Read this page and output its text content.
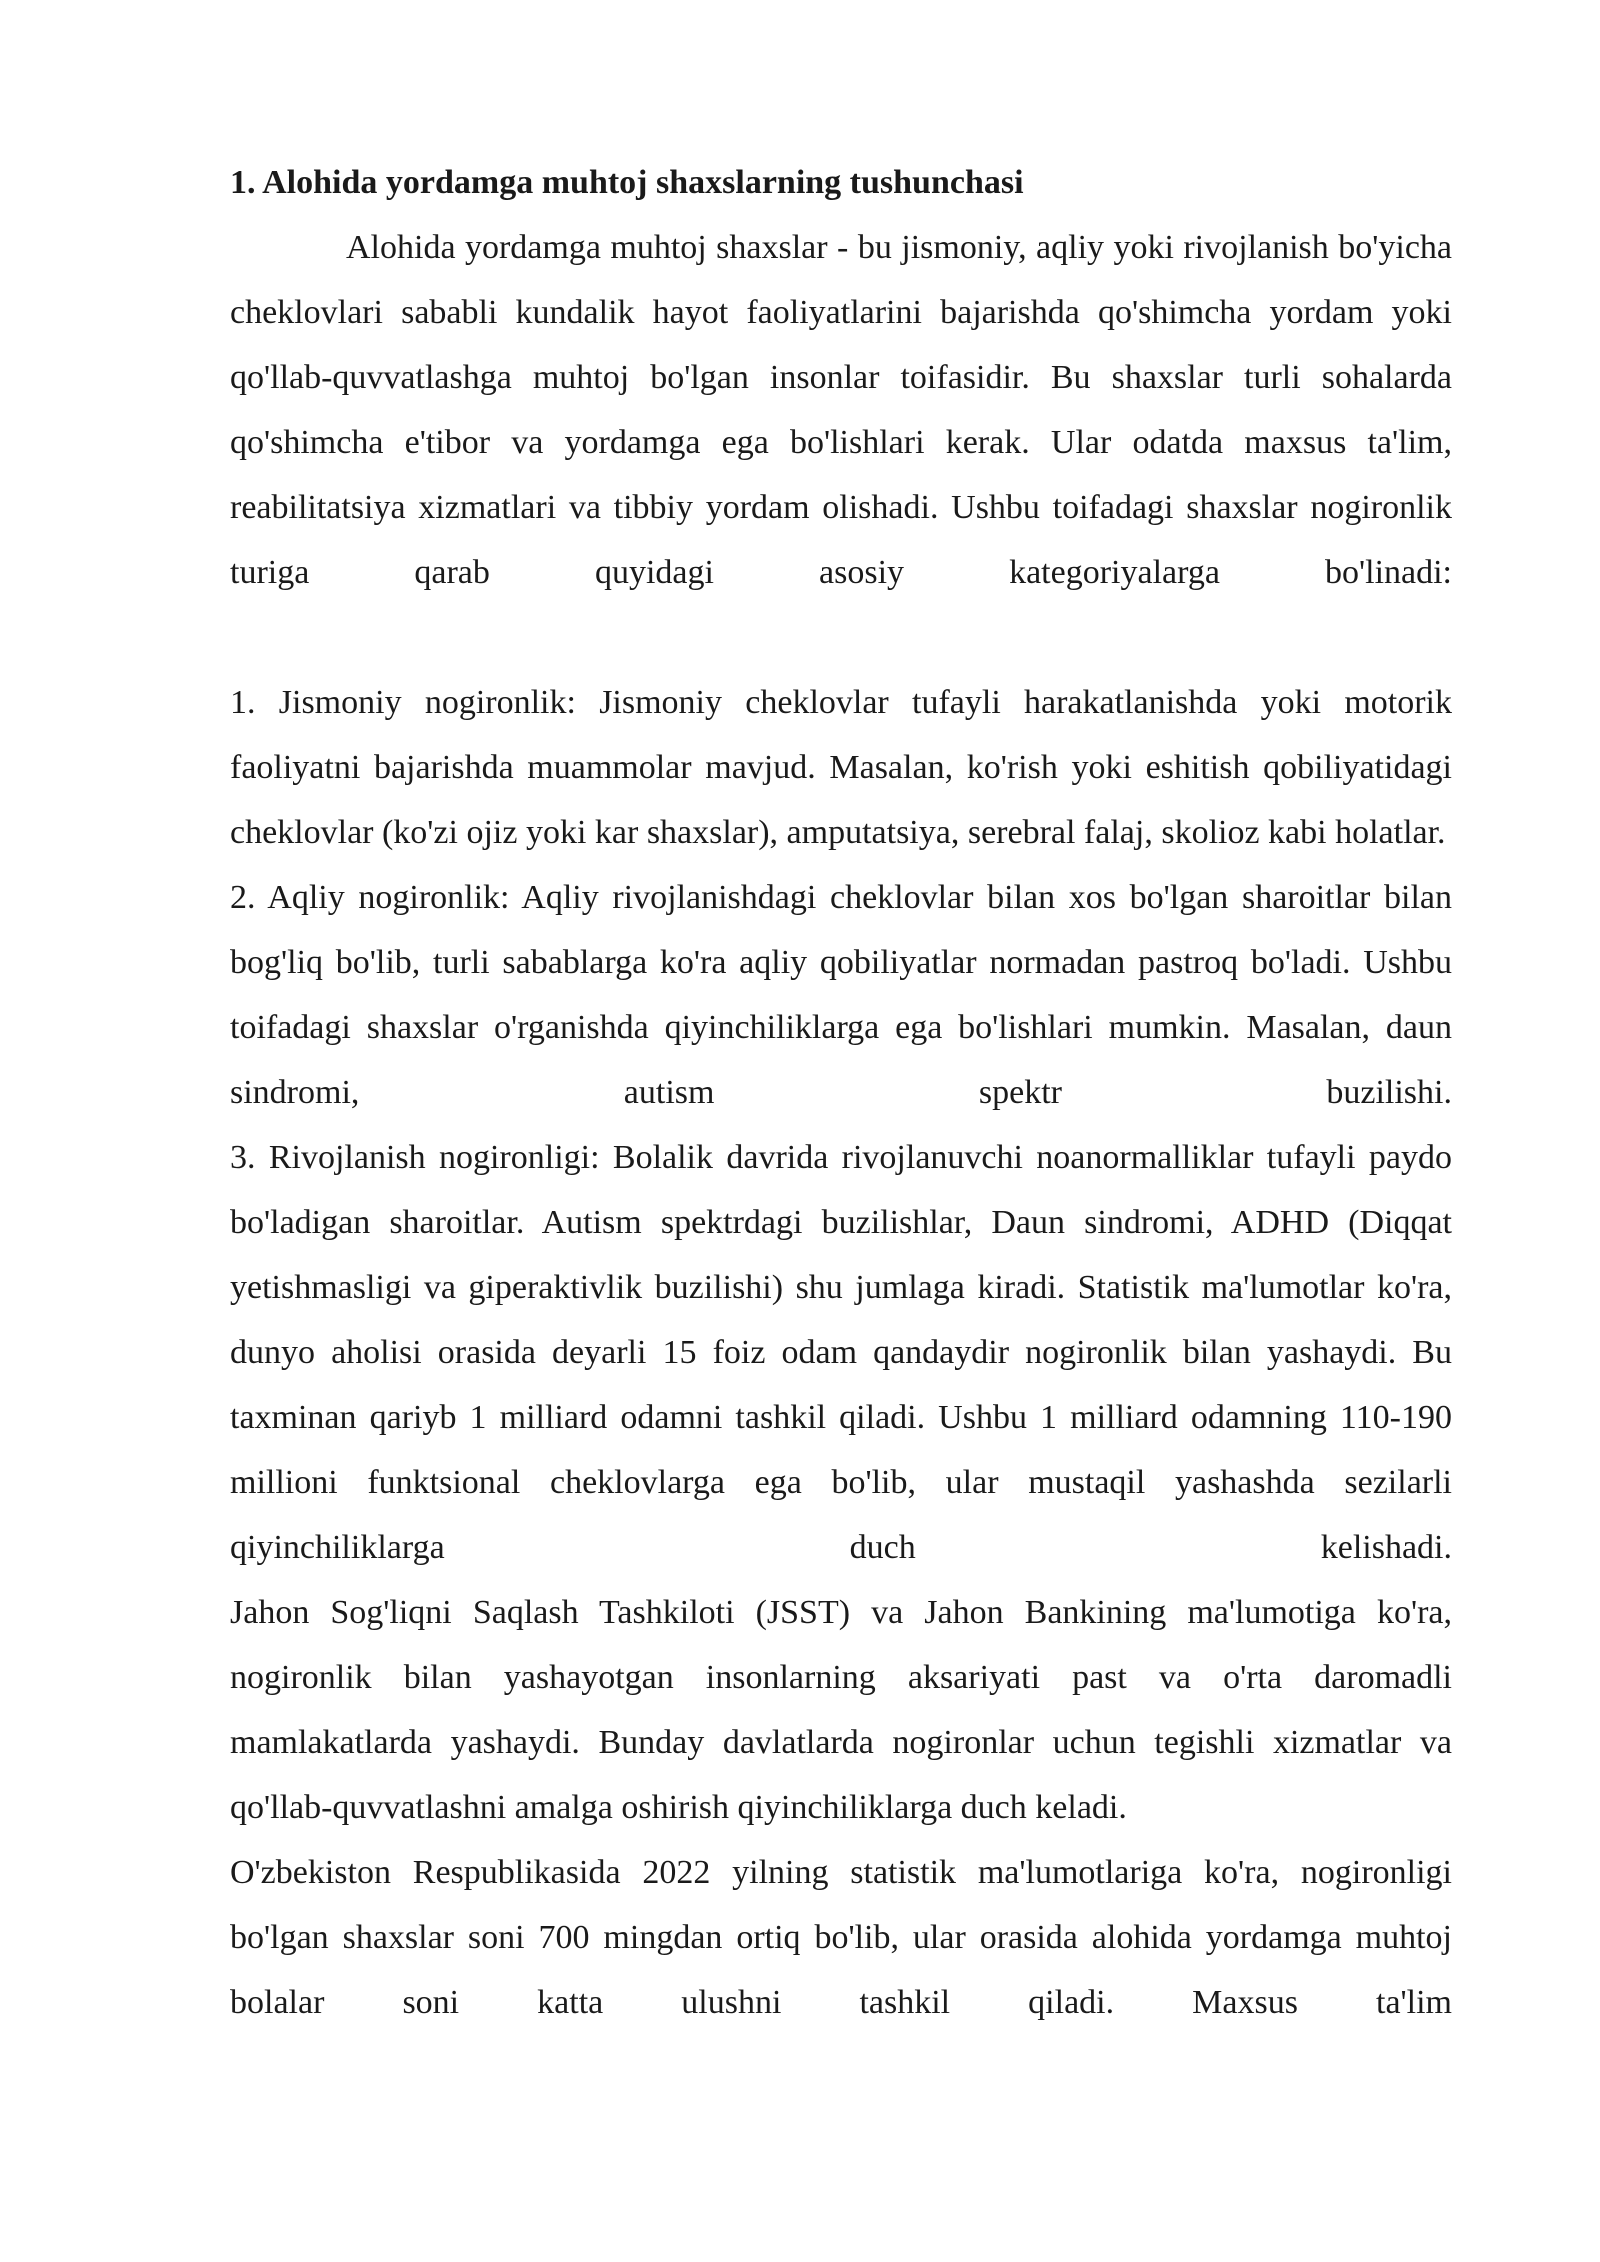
1. Alohida yordamga muhtoj shaxslarning tushunchasi

Alohida yordamga muhtoj shaxslar - bu jismoniy, aqliy yoki rivojlanish bo'yicha cheklovlari sababli kundalik hayot faoliyatlarini bajarishda qo'shimcha yordam yoki qo'llab-quvvatlashga muhtoj bo'lgan insonlar toifasidir. Bu shaxslar turli sohalarda qo'shimcha e'tibor va yordamga ega bo'lishlari kerak. Ular odatda maxsus ta'lim, reabilitatsiya xizmatlari va tibbiy yordam olishadi. Ushbu toifadagi shaxslar nogironlik turiga qarab quyidagi asosiy kategoriyalarga bo'linadi:

1. Jismoniy nogironlik: Jismoniy cheklovlar tufayli harakatlanishda yoki motorik faoliyatni bajarishda muammolar mavjud. Masalan, ko'rish yoki eshitish qobiliyatidagi cheklovlar (ko'zi ojiz yoki kar shaxslar), amputatsiya, serebral falaj, skolioz kabi holatlar.

2. Aqliy nogironlik: Aqliy rivojlanishdagi cheklovlar bilan xos bo'lgan sharoitlar bilan bog'liq bo'lib, turli sabablarga ko'ra aqliy qobiliyatlar normadan pastroq bo'ladi. Ushbu toifadagi shaxslar o'rganishda qiyinchiliklarga ega bo'lishlari mumkin. Masalan, daun sindromi, autism spektr buzilishi.

3. Rivojlanish nogironligi: Bolalik davrida rivojlanuvchi noanormalliklar tufayli paydo bo'ladigan sharoitlar. Autism spektrdagi buzilishlar, Daun sindromi, ADHD (Diqqat yetishmasligi va giperaktivlik buzilishi) shu jumlaga kiradi. Statistik ma'lumotlar ko'ra, dunyo aholisi orasida deyarli 15 foiz odam qandaydir nogironlik bilan yashaydi. Bu taxminan qariyb 1 milliard odamni tashkil qiladi. Ushbu 1 milliard odamning 110-190 millioni funktsional cheklovlarga ega bo'lib, ular mustaqil yashashda sezilarli qiyinchiliklarga duch kelishadi.

Jahon Sog'liqni Saqlash Tashkiloti (JSST) va Jahon Bankining ma'lumotiga ko'ra, nogironlik bilan yashayotgan insonlarning aksariyati past va o'rta daromadli mamlakatlarda yashaydi. Bunday davlatlarda nogironlar uchun tegishli xizmatlar va qo'llab-quvvatlashni amalga oshirish qiyinchiliklarga duch keladi.

O'zbekiston Respublikasida 2022 yilning statistik ma'lumotlariga ko'ra, nogironligi bo'lgan shaxslar soni 700 mingdan ortiq bo'lib, ular orasida alohida yordamga muhtoj bolalar soni katta ulushni tashkil qiladi. Maxsus ta'lim
